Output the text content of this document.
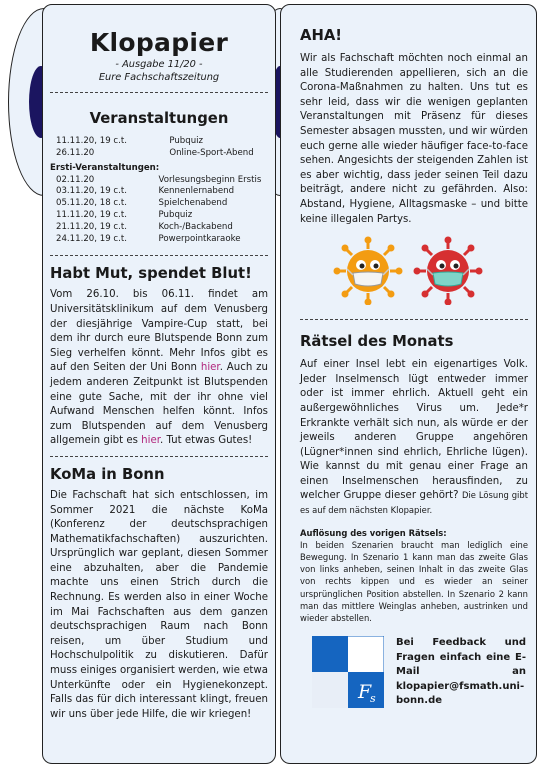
Klopapier
- Ausgabe 11/20 -
Eure Fachschaftszeitung
Veranstaltungen
11.11.20, 19 c.t.	Pubquiz
26.11.20	Online-Sport-Abend
Ersti-Veranstaltungen:
02.11.20	Vorlesungsbeginn Erstis
03.11.20, 19 c.t.	Kennenlernabend
05.11.20, 18 c.t.	Spielchenabend
11.11.20, 19 c.t.	Pubquiz
21.11.20, 19 c.t.	Koch-/Backabend
24.11.20, 19 c.t.	Powerpointkaraoke
Habt Mut, spendet Blut!

Vom 26.10. bis 06.11. findet am Universitätsklinikum auf dem Venusberg der diesjährige Vampire-Cup statt, bei dem ihr durch eure Blutspende Bonn zum Sieg verhelfen könnt. Mehr Infos gibt es auf den Seiten der Uni Bonn hier. Auch zu jedem anderen Zeitpunkt ist Blutspenden eine gute Sache, mit der ihr ohne viel Aufwand Menschen helfen könnt. Infos zum Blutspenden auf dem Venusberg allgemein gibt es hier. Tut etwas Gutes!

KoMa in Bonn

Die Fachschaft hat sich entschlossen, im Sommer 2021 die nächste KoMa (Konferenz der deutschsprachigen Mathematikfachschaften) auszurichten. Ursprünglich war geplant, diesen Sommer eine abzuhalten, aber die Pandemie machte uns einen Strich durch die Rechnung. Es werden also in einer Woche im Mai Fachschaften aus dem ganzen deutschsprachigen Raum nach Bonn reisen, um über Studium und Hochschulpolitik zu diskutieren. Dafür muss einiges organisiert werden, wie etwa Unterkünfte oder ein Hygienekonzept. Falls das für dich interessant klingt, freuen wir uns über jede Hilfe, die wir kriegen!

AHA!

Wir als Fachschaft möchten noch einmal an alle Studierenden appellieren, sich an die Corona-Maßnahmen zu halten. Uns tut es sehr leid, dass wir die wenigen geplanten Veranstaltungen mit Präsenz für dieses Semester absagen mussten, und wir würden euch gerne alle wieder häufiger face-to-face sehen. Angesichts der steigenden Zahlen ist es aber wichtig, dass jeder seinen Teil dazu beiträgt, andere nicht zu gefährden. Also: Abstand, Hygiene, Alltagsmaske – und bitte keine illegalen Partys.

Rätsel des Monats

Auf einer Insel lebt ein eigenartiges Volk. Jeder Inselmensch lügt entweder immer oder ist immer ehrlich. Aktuell geht ein außergewöhnliches Virus um. Jede*r Erkrankte verhält sich nun, als würde er der jeweils anderen Gruppe angehören (Lügner*innen sind ehrlich, Ehrliche lügen). Wie kannst du mit genau einer Frage an einen Inselmenschen herausfinden, zu welcher Gruppe dieser gehört? Die Lösung gibt es auf dem nächsten Klopapier.

Auflösung des vorigen Rätsels:

In beiden Szenarien braucht man lediglich eine Bewegung. In Szenario 1 kann man das zweite Glas von links anheben, seinen Inhalt in das zweite Glas von rechts kippen und es wieder an seiner ursprünglichen Position abstellen. In Szenario 2 kann man das mittlere Weinglas anheben, austrinken und wieder abstellen.

F
s
Bei Feedback und Fragen einfach eine E-Mail an klopapier@fsmath.uni-bonn.de
